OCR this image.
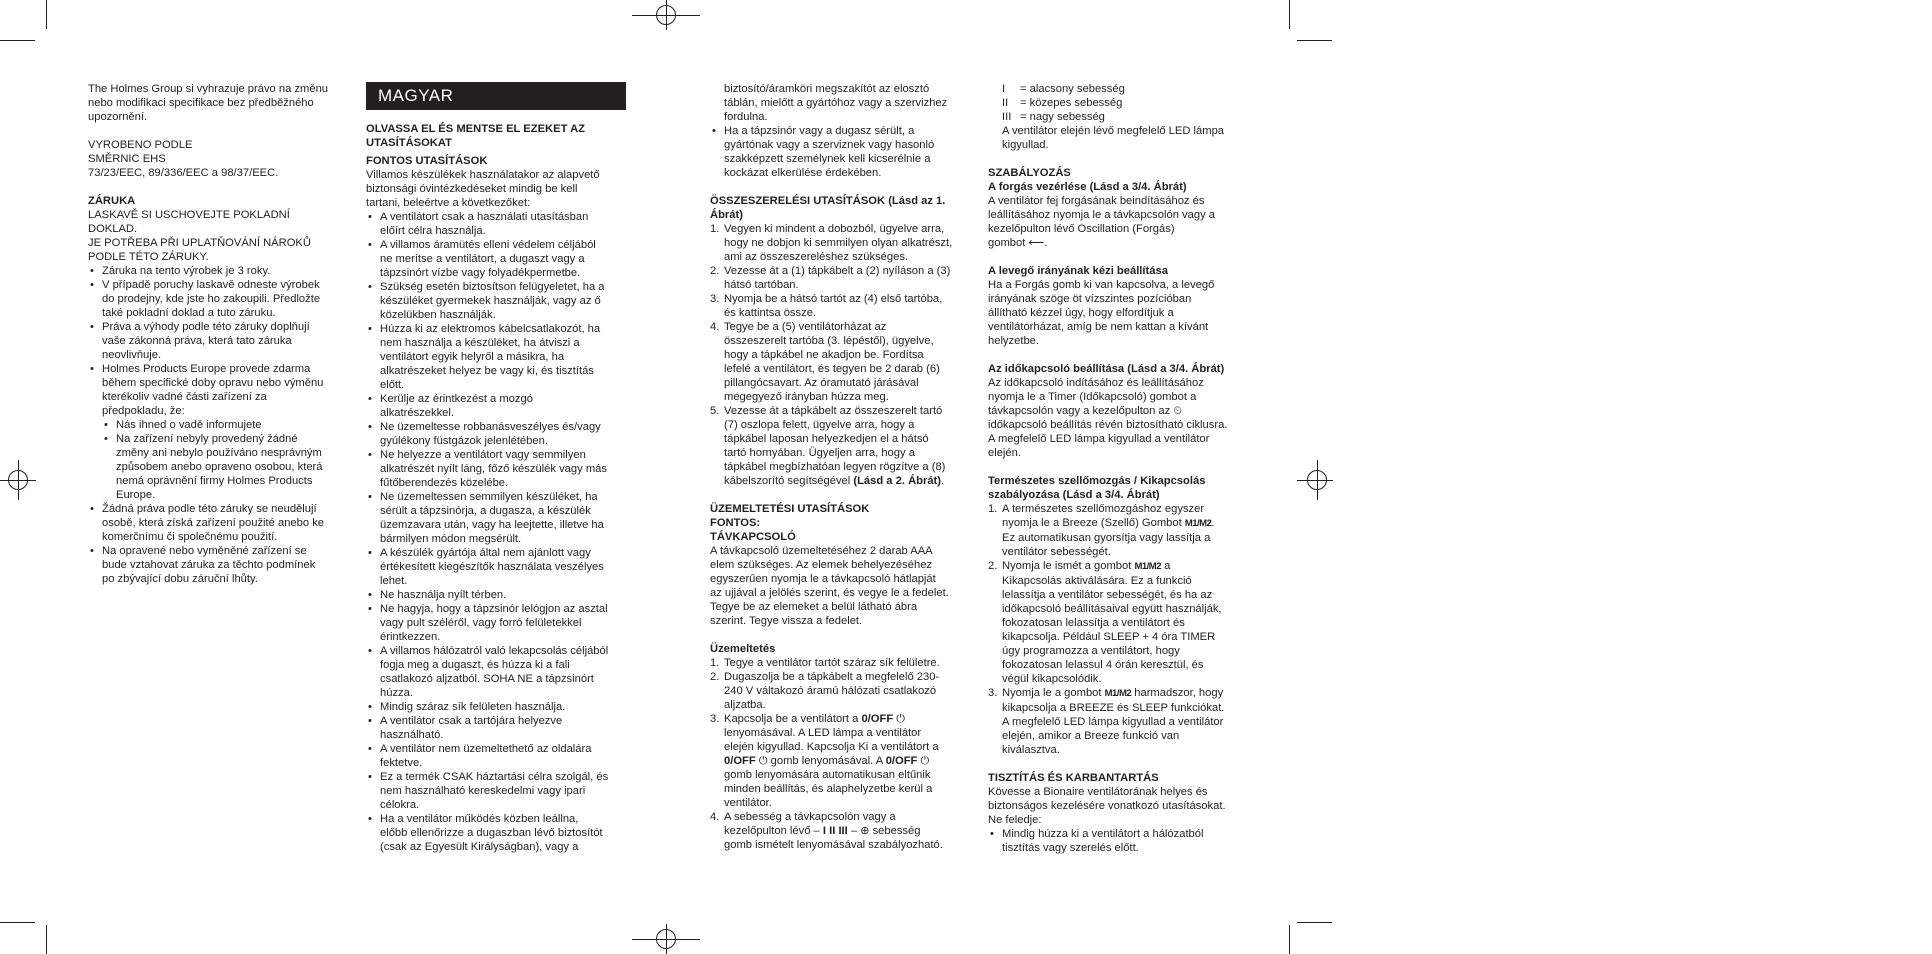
The Holmes Group si vyhrazuje právo na změnu

nebo modifikaci specifikace bez předběžného

upozornění.

VYROBENO PODLE

SMĚRNIC EHS

73/23/EEC, 89/336/EEC a 98/37/EEC.

ZÁRUKA

LASKAVĚ SI USCHOVEJTE POKLADNÍ

DOKLAD.

JE POTŘEBA PŘI UPLATŇOVÁNÍ NÁROKŮ

PODLE TÉTO ZÁRUKY.

• Záruka na tento výrobek je 3 roky.
• V případě poruchy laskavě odneste výrobek
do prodejny, kde jste ho zakoupili. Předložte
také pokladní doklad a tuto záruku.
• Práva a výhody podle této záruky doplňují
vaše zákonná práva, která tato záruka
neovlivňuje.
• Holmes Products Europe provede zdarma
během specifické doby opravu nebo výměnu
kterékoliv vadné části zařízení za
předpokladu, že:
• Nás ihned o vadě informujete
• Na zařízení nebyly provedený žádné
změny ani nebylo používáno nesprávným
způsobem anebo opraveno osobou, která
nemá oprávnění firmy Holmes Products
Europe.
• Žádná práva podle této záruky se neudělují
osobě, která získá zařízení použité anebo ke
komerčnímu či společnému použití.
• Na opravené nebo vyměněné zařízení se
bude vztahovat záruka za těchto podmínek
po zbývající dobu záruční lhůty.
MAGYAR

OLVASSA EL ÉS MENTSE EL EZEKET AZ

UTASÍTÁSOKAT

FONTOS UTASÍTÁSOK

Villamos készülékek használatakor az alapvető

biztonsági óvintézkedéseket mindig be kell

tartani, beleértve a következőket:

• A ventilátort csak a használati utasításban
előírt célra használja.
• A villamos áramütés elleni védelem céljából
ne merítse a ventilátort, a dugaszt vagy a
tápzsinórt vízbe vagy folyadékpermetbe.
• Szükség esetén biztosítson felügyeletet, ha a
készüléket gyermekek használják, vagy az ő
közelükben használják.
• Húzza ki az elektromos kábelcsatlakozót, ha
nem használja a készüléket, ha átviszi a
ventilátort egyik helyről a másikra, ha
alkatrészeket helyez be vagy ki, és tisztítás
előtt.
• Kerülje az érintkezést a mozgó
alkatrészekkel.
• Ne üzemeltesse robbanásveszélyes és/vagy
gyúlékony füstgázok jelenlétében.
• Ne helyezze a ventilátort vagy semmilyen
alkatrészét nyílt láng, főző készülék vagy más
fűtőberendezés közelébe.
• Ne üzemeltessen semmilyen készüléket, ha
sérült a tápzsinórja, a dugasza, a készülék
üzemzavara után, vagy ha leejtette, illetve ha
bármilyen módon megsérült.
• A készülék gyártója által nem ajánlott vagy
értékesített kiegészítők használata veszélyes
lehet.
• Ne használja nyílt térben.
• Ne hagyja, hogy a tápzsinór lelógjon az asztal
vagy pult széléről, vagy forró felületekkel
érintkezzen.
• A villamos hálózatról való lekapcsolás céljából
fogja meg a dugaszt, és húzza ki a fali
csatlakozó aljzatból. SOHA NE a tápzsinórt
húzza.
• Mindig száraz sík felületen használja.
• A ventilátor csak a tartójára helyezve
használható.
• A ventilátor nem üzemeltethető az oldalára
fektetve.
• Ez a termék CSAK háztartási célra szolgál, és
nem használható kereskedelmi vagy ipari
célokra.
• Ha a ventilátor működés közben leállna,
előbb ellenőrizze a dugaszban lévő biztosítót
(csak az Egyesült Királyságban), vagy a

biztosító/áramköri megszakítót az elosztó

táblán, mielőtt a gyártóhoz vagy a szervizhez

fordulna.

• Ha a tápzsinór vagy a dugasz sérült, a
gyártónak vagy a szerviznek vagy hasonló
szakképzett személynek kell kicserélnie a
kockázat elkerülése érdekében.

ÖSSZESZERELÉSI UTASÍTÁSOK (Lásd az 1.

Ábrát)

1. Vegyen ki mindent a dobozból, ügyelve arra,
hogy ne dobjon ki semmilyen olyan alkatrészt,
ami az összeszereléshez szükséges.
2. Vezesse át a (1) tápkábelt a (2) nyíláson a (3)
hátsó tartóban.
3. Nyomja be a hátsó tartót az (4) első tartóba,
és kattintsa össze.
4. Tegye be a (5) ventilátorházat az
összeszerelt tartóba (3. lépéstől), ügyelve,
hogy a tápkábel ne akadjon be. Fordítsa
lefelé a ventilátort, és tegyen be 2 darab (6)
pillangócsavart. Az óramutató járásával
megegyező irányban húzza meg.
5. Vezesse át a tápkábelt az összeszerelt tartó
(7) oszlopa felett, ügyelve arra, hogy a
tápkábel laposan helyezkedjen el a hátsó
tartó hornyában. Ügyeljen arra, hogy a
tápkábel megbízhatóan legyen rögzítve a (8)
kábelszorító segítségével (Lásd a 2. Ábrát).

ÜZEMELTETÉSI UTASÍTÁSOK

FONTOS:

TÁVKAPCSOLÓ

A távkapcsoló üzemeltetéséhez 2 darab AAA

elem szükséges. Az elemek behelyezéséhez

egyszerűen nyomja le a távkapcsoló hátlapját

az ujjával a jelölés szerint, és vegye le a fedelet.

Tegye be az elemeket a belül látható ábra

szerint. Tegye vissza a fedelet.

Üzemeltetés

1. Tegye a ventilátor tartót száraz sík felületre.
2. Dugaszolja be a tápkábelt a megfelelő 230-
240 V váltakozó áramú hálózati csatlakozó
aljzatba.
3. Kapcsolja be a ventilátort a 0/OFF ⏻
lenyomásával. A LED lámpa a ventilátor
elején kigyullad. Kapcsolja Ki a ventilátort a
0/OFF ⏻ gomb lenyomásával. A 0/OFF ⏻
gomb lenyomására automatikusan eltűnik
minden beállítás, és alaphelyzetbe kerül a
ventilátor.
4. A sebesség a távkapcsolón vagy a
kezelőpulton lévő – I II III – ⊕ sebesség
gomb ismételt lenyomásával szabályozható.
I = alacsony sebesség
II = közepes sebesség
III = nagy sebesség
A ventilátor elején lévő megfelelő LED lámpa
kigyullad.

SZABÁLYOZÁS

A forgás vezérlése (Lásd a 3/4. Ábrát)

A ventilátor fej forgásának beindításához és

leállításához nyomja le a távkapcsolón vagy a

kezelőpulton lévő Oscillation (Forgás)

gombot ⟵.

A levegő irányának kézi beállítása

Ha a Forgás gomb ki van kapcsolva, a levegő

irányának szöge öt vízszintes pozícióban

állítható kézzel úgy, hogy elfordítjuk a

ventilátorházat, amíg be nem kattan a kívánt

helyzetbe.

Az időkapcsoló beállítása (Lásd a 3/4. Ábrát)

Az időkapcsoló indításához és leállításához

nyomja le a Timer (Időkapcsoló) gombot a

távkapcsolón vagy a kezelőpulton az ⏲

időkapcsoló beállítás révén biztosítható ciklusra.

A megfelelő LED lámpa kigyullad a ventilátor

elején.

Természetes szellőmozgás / Kikapcsolás

szabályozása (Lásd a 3/4. Ábrát)

1. A természetes szellőmozgáshoz egyszer
nyomja le a Breeze (Szellő) Gombot M1/M2.
Ez automatikusan gyorsítja vagy lassítja a
ventilátor sebességét.
2. Nyomja le ismét a gombot M1/M2 a
Kikapcsolás aktiválására. Ez a funkció
lelassítja a ventilátor sebességét, és ha az
időkapcsoló beállításaival együtt használják,
fokozatosan lelassítja a ventilátort és
kikapcsolja. Például SLEEP + 4 óra TIMER
úgy programozza a ventilátort, hogy
fokozatosan lelassul 4 órán keresztül, és
végül kikapcsolódik.
3. Nyomja le a gombot M1/M2 harmadszor, hogy
kikapcsolja a BREEZE és SLEEP funkciókat.
A megfelelő LED lámpa kigyullad a ventilátor
elején, amikor a Breeze funkció van
kiválasztva.

TISZTÍTÁS ÉS KARBANTARTÁS

Kövesse a Bionaire ventilátorának helyes és

biztonságos kezelésére vonatkozó utasításokat.

Ne feledje:

• Mindig húzza ki a ventilátort a hálózatból
tisztítás vagy szerelés előtt.
